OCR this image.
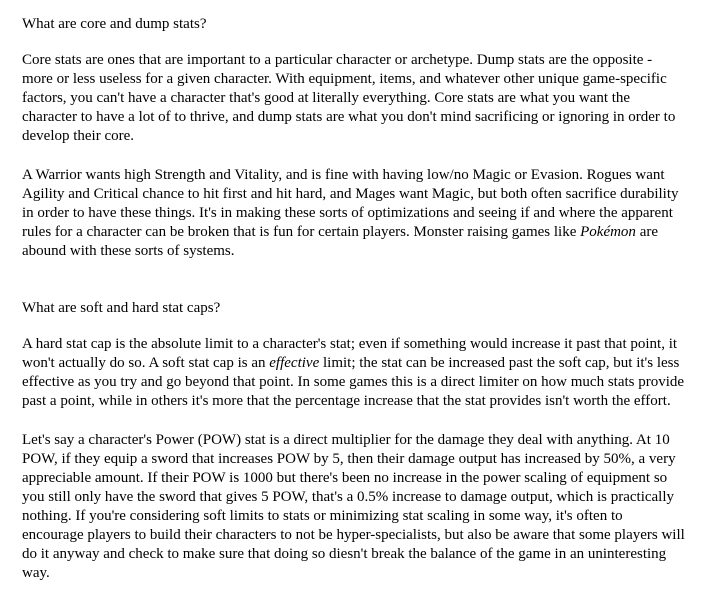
What are core and dump stats?
Core stats are ones that are important to a particular character or archetype. Dump stats are the opposite - more or less useless for a given character. With equipment, items, and whatever other unique game-specific factors, you can't have a character that's good at literally everything. Core stats are what you want the character to have a lot of to thrive, and dump stats are what you don't mind sacrificing or ignoring in order to develop their core.
A Warrior wants high Strength and Vitality, and is fine with having low/no Magic or Evasion. Rogues want Agility and Critical chance to hit first and hit hard, and Mages want Magic, but both often sacrifice durability in order to have these things. It's in making these sorts of optimizations and seeing if and where the apparent rules for a character can be broken that is fun for certain players. Monster raising games like Pokémon are abound with these sorts of systems.
What are soft and hard stat caps?
A hard stat cap is the absolute limit to a character's stat; even if something would increase it past that point, it won't actually do so. A soft stat cap is an effective limit; the stat can be increased past the soft cap, but it's less effective as you try and go beyond that point. In some games this is a direct limiter on how much stats provide past a point, while in others it's more that the percentage increase that the stat provides isn't worth the effort.
Let's say a character's Power (POW) stat is a direct multiplier for the damage they deal with anything. At 10 POW, if they equip a sword that increases POW by 5, then their damage output has increased by 50%, a very appreciable amount. If their POW is 1000 but there's been no increase in the power scaling of equipment so you still only have the sword that gives 5 POW, that's a 0.5% increase to damage output, which is practically nothing. If you're considering soft limits to stats or minimizing stat scaling in some way, it's often to encourage players to build their characters to not be hyper-specialists, but also be aware that some players will do it anyway and check to make sure that doing so diesn't break the balance of the game in an uninteresting way.
